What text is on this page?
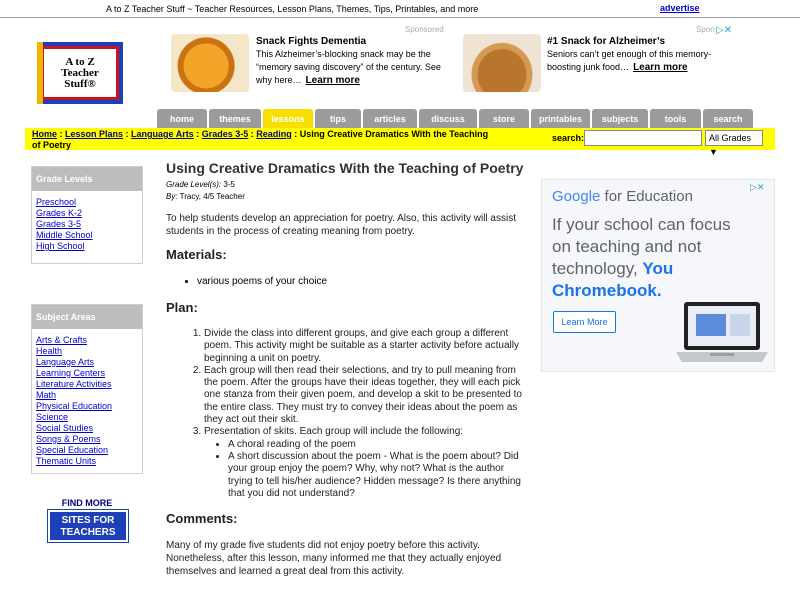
A to Z Teacher Stuff ~ Teacher Resources, Lesson Plans, Themes, Tips, Printables, and more	advertise
A to Z
Teacher
Stuff®
Sponsored	Spon ▷✕
Snack Fights Dementia
This Alzheimer’s-blocking snack may be the “memory saving discovery” of the century. See why here… Learn more
#1 Snack for Alzheimer’s
Seniors can’t get enough of this memory-boosting junk food… Learn more
home	themes	lessons	tips	articles	discuss	store	printables	subjects	tools	search
Home : Lesson Plans : Language Arts : Grades 3-5 : Reading : Using Creative Dramatics With the Teaching of Poetry
search:	All Grades ▼
Grade Levels
Preschool
Grades K-2
Grades 3-5
Middle School
High School
Subject Areas
Arts & Crafts
Health
Language Arts
Learning Centers
Literature Activities
Math
Physical Education
Science
Social Studies
Songs & Poems
Special Education
Thematic Units
FIND MORE
SITES FOR
TEACHERS
Using Creative Dramatics With the Teaching of Poetry
Grade Level(s): 3-5
By: Tracy, 4/5 Teacher

To help students develop an appreciation for poetry. Also, this activity will assist students in the process of creating meaning from poetry.

Materials:
• various poems of your choice
Plan:
1. Divide the class into different groups, and give each group a different poem. This activity might be suitable as a starter activity before actually beginning a unit on poetry.
2. Each group will then read their selections, and try to pull meaning from the poem. After the groups have their ideas together, they will each pick one stanza from their given poem, and develop a skit to be presented to the entire class. They must try to convey their ideas about the poem as they act out their skit.
3. Presentation of skits. Each group will include the following:
• A choral reading of the poem
• A short discussion about the poem - What is the poem about? Did your group enjoy the poem? Why, why not? What is the author trying to tell his/her audience? Hidden message? Is there anything that you did not understand?
Comments:

Many of my grade five students did not enjoy poetry before this activity. Nonetheless, after this lesson, many informed me that they actually enjoyed themselves and learned a great deal from this activity.

▷✕
Google for Education
If your school can focus on teaching and not technology, You Chromebook.
Learn More
